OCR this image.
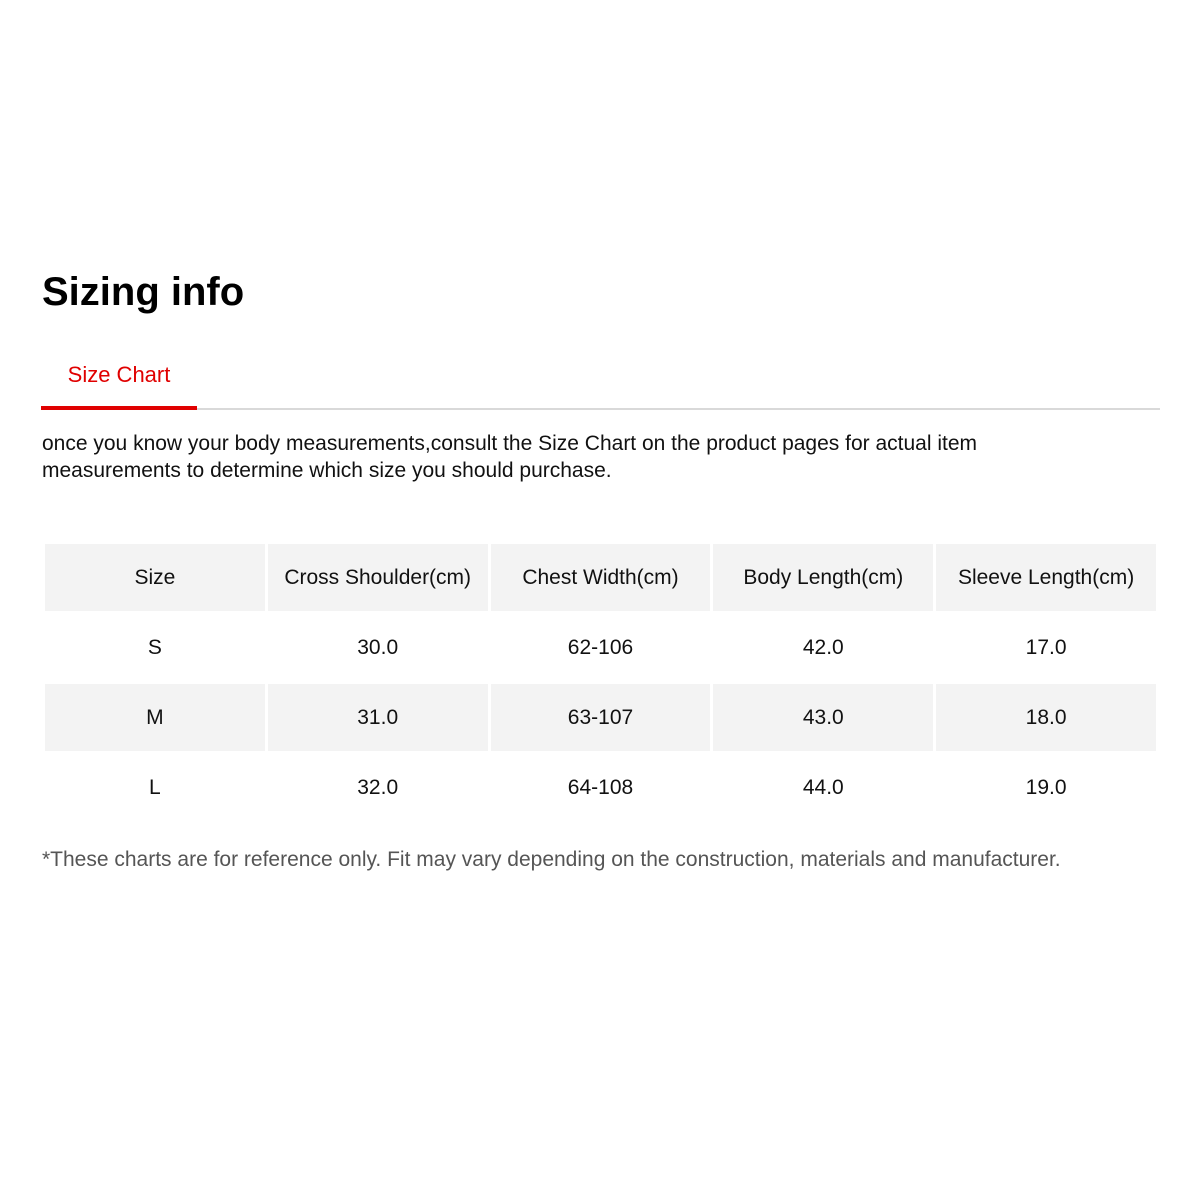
Sizing info
Size Chart

once you know your body measurements,consult the Size Chart on the product pages for actual item measurements to determine which size you should purchase.

Size	Cross Shoulder(cm)	Chest Width(cm)	Body Length(cm)	Sleeve Length(cm)
S	30.0	62-106	42.0	17.0
M	31.0	63-107	43.0	18.0
L	32.0	64-108	44.0	19.0

*These charts are for reference only. Fit may vary depending on the construction, materials and manufacturer.
